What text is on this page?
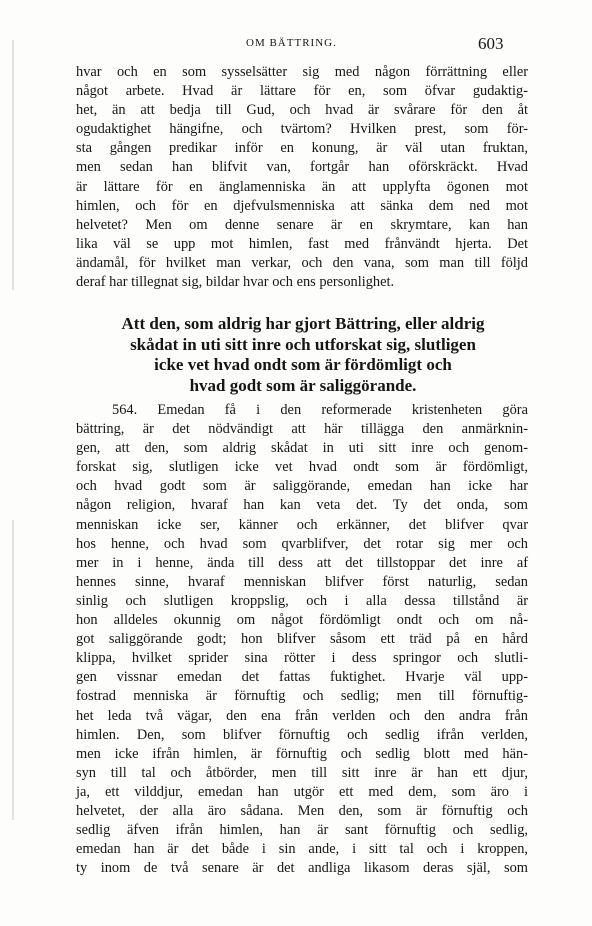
OM BÄTTRING.	603
hvar och en som sysselsätter sig med någon förrättning eller
något arbete. Hvad är lättare för en, som öfvar gudaktig-
het, än att bedja till Gud, och hvad är svårare för den åt
ogudaktighet hängifne, och tvärtom? Hvilken prest, som för-
sta gången predikar inför en konung, är väl utan fruktan,
men sedan han blifvit van, fortgår han oförskräckt. Hvad
är lättare för en änglamenniska än att upplyfta ögonen mot
himlen, och för en djefvulsmenniska att sänka dem ned mot
helvetet? Men om denne senare är en skrymtare, kan han
lika väl se upp mot himlen, fast med frånvändt hjerta. Det
ändamål, för hvilket man verkar, och den vana, som man till följd
deraf har tillegnat sig, bildar hvar och ens personlighet.
Att den, som aldrig har gjort Bättring, eller aldrig
skådat in uti sitt inre och utforskat sig, slutligen
icke vet hvad ondt som är fördömligt och
hvad godt som är saliggörande.
564. Emedan få i den reformerade kristenheten göra
bättring, är det nödvändigt att här tillägga den anmärknin-
gen, att den, som aldrig skådat in uti sitt inre och genom-
forskat sig, slutligen icke vet hvad ondt som är fördömligt,
och hvad godt som är saliggörande, emedan han icke har
någon religion, hvaraf han kan veta det. Ty det onda, som
menniskan icke ser, känner och erkänner, det blifver qvar
hos henne, och hvad som qvarblifver, det rotar sig mer och
mer in i henne, ända till dess att det tillstoppar det inre af
hennes sinne, hvaraf menniskan blifver först naturlig, sedan
sinlig och slutligen kroppslig, och i alla dessa tillstånd är
hon alldeles okunnig om något fördömligt ondt och om nå-
got saliggörande godt; hon blifver såsom ett träd på en hård
klippa, hvilket sprider sina rötter i dess springor och slutli-
gen vissnar emedan det fattas fuktighet. Hvarje väl upp-
fostrad menniska är förnuftig och sedlig; men till förnuftig-
het leda två vägar, den ena från verlden och den andra från
himlen. Den, som blifver förnuftig och sedlig ifrån verlden,
men icke ifrån himlen, är förnuftig och sedlig blott med hän-
syn till tal och åtbörder, men till sitt inre är han ett djur,
ja, ett vilddjur, emedan han utgör ett med dem, som äro i
helvetet, der alla äro sådana. Men den, som är förnuftig och
sedlig äfven ifrån himlen, han är sant förnuftig och sedlig,
emedan han är det både i sin ande, i sitt tal och i kroppen,
ty inom de två senare är det andliga likasom deras själ, som
